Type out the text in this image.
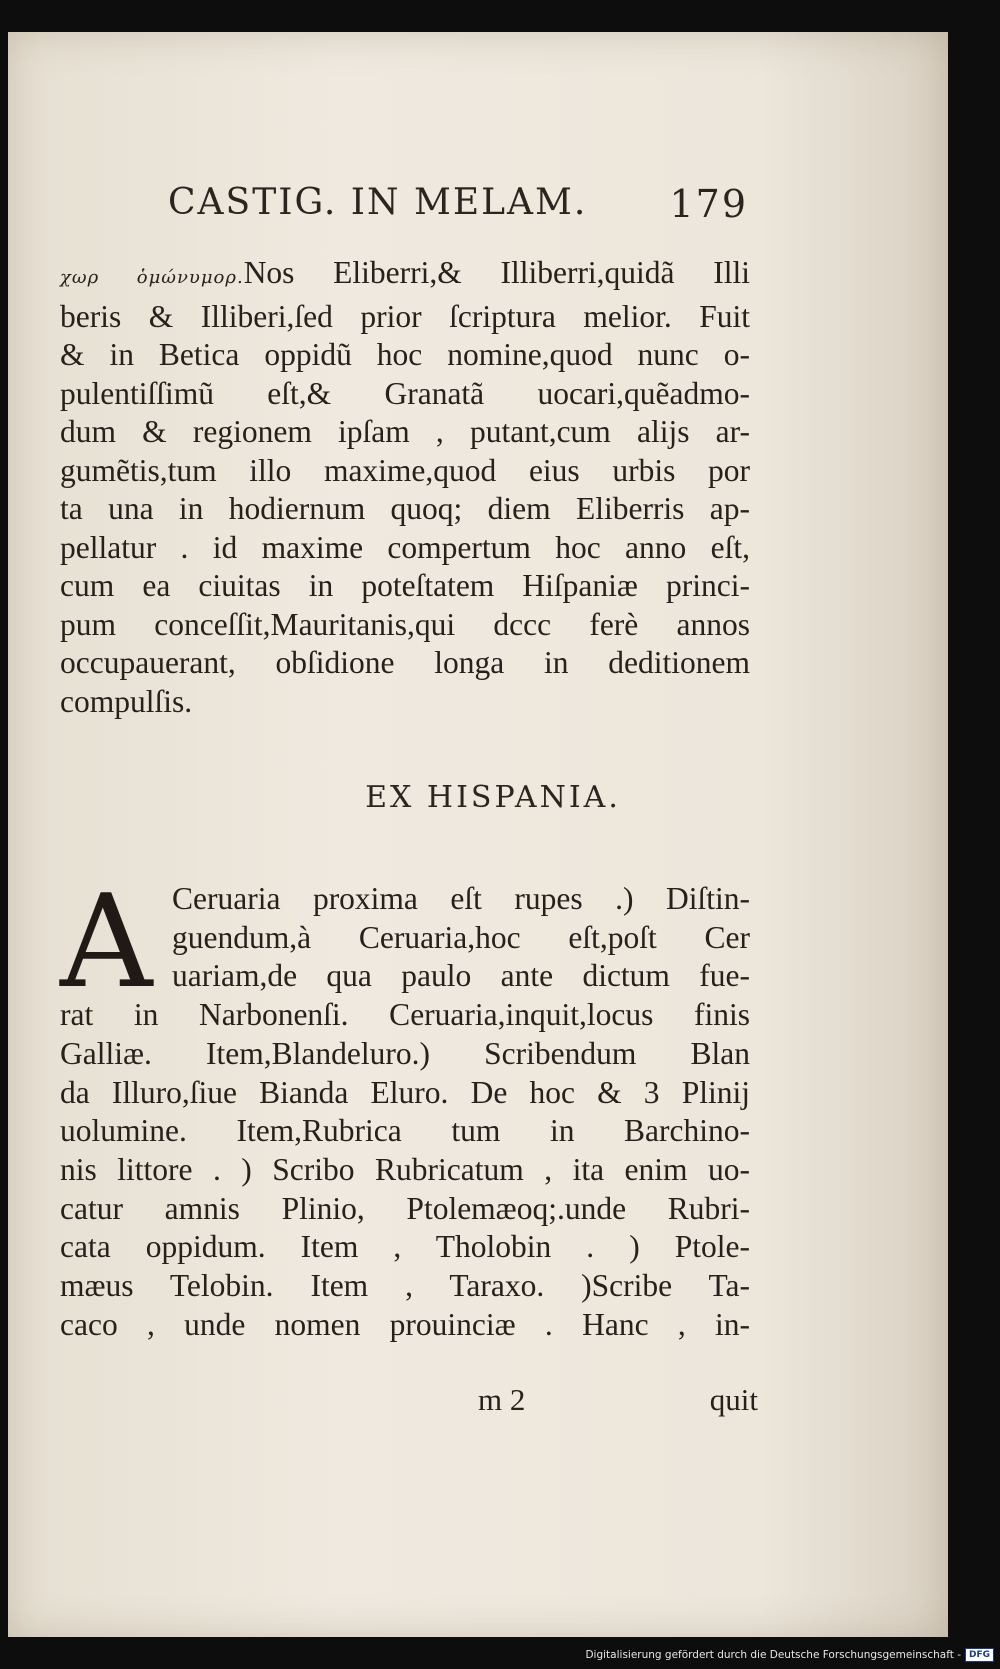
CASTIG. IN MELAM. 179
χωρ ὁμώνυμορ.Nos Eliberri,& Illiberri,quidã Illi
beris & Illiberi,ſed prior ſcriptura melior. Fuit
& in Betica oppidũ hoc nomine,quod nunc o-
pulentiſſimũ eſt,& Granatã uocari,quẽadmo-
dum & regionem ipſam , putant,cum alijs ar-
gumẽtis,tum illo maxime,quod eius urbis por
ta una in hodiernum quoq; diem Eliberris ap-
pellatur . id maxime compertum hoc anno eſt,
cum ea ciuitas in poteſtatem Hiſpaniæ princi-
pum conceſſit,Mauritanis,qui dccc ferè annos
occupauerant, obſidione longa in deditionem
compulſis.
EX HISPANIA.
A Ceruaria proxima eſt rupes .) Diſtin-
guendum,à Ceruaria,hoc eſt,poſt Cer
uariam,de qua paulo ante dictum fue-
rat in Narbonenſi. Ceruaria,inquit,locus finis
Galliæ. Item,Blandeluro.) Scribendum Blan
da Illuro,ſiue Bianda Eluro. De hoc & 3 Plinij
uolumine. Item,Rubrica tum in Barchino-
nis littore . ) Scribo Rubricatum , ita enim uo-
catur amnis Plinio, Ptolemæoq;.unde Rubri-
cata oppidum. Item , Tholobin . ) Ptole-
mæus Telobin. Item , Taraxo. )Scribe Ta-
caco , unde nomen prouinciæ . Hanc , in-
m 2	quit
Digitalisierung gefördert durch die Deutsche Forschungsgemeinschaft - DFG
